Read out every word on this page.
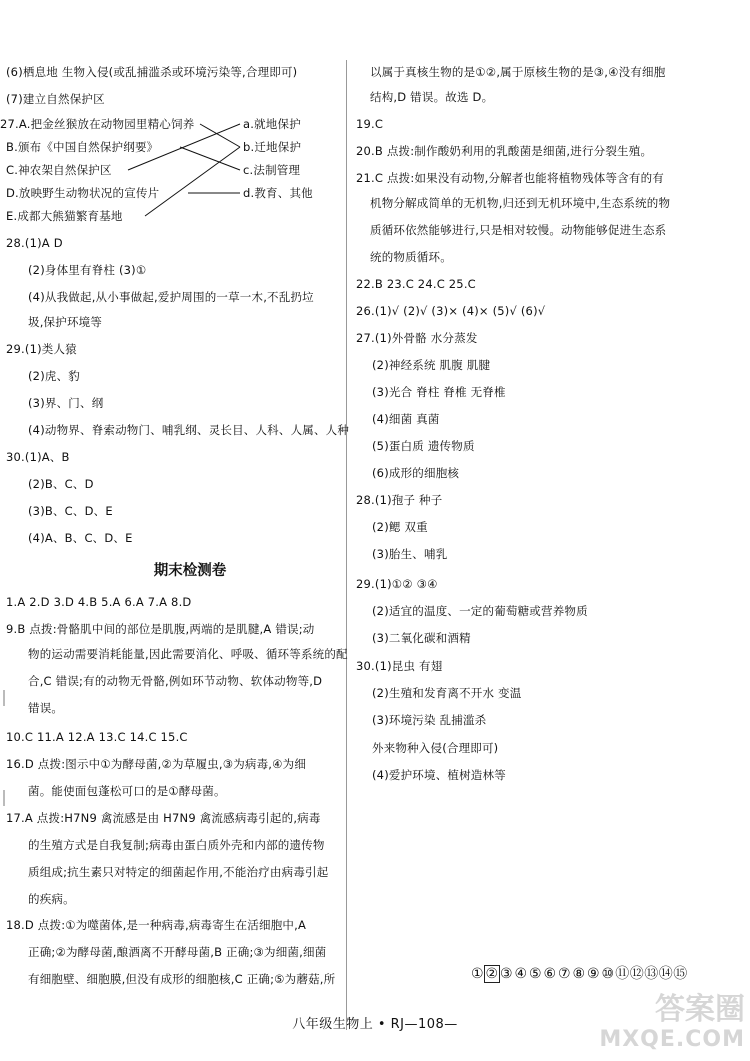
(6)栖息地 生物入侵(或乱捕滥杀或环境污染等,合理即可)
(7)建立自然保护区
27.A.把金丝猴放在动物园里精心饲养
B.颁布《中国自然保护纲要》
C.神农架自然保护区
D.放映野生动物状况的宣传片
E.成都大熊猫繁育基地
a.就地保护
b.迁地保护
c.法制管理
d.教育、其他
28.(1)A D
(2)身体里有脊柱 (3)①
(4)从我做起,从小事做起,爱护周围的一草一木,不乱扔垃
圾,保护环境等
29.(1)类人猿
(2)虎、豹
(3)界、门、纲
(4)动物界、脊索动物门、哺乳纲、灵长目、人科、人属、人种
30.(1)A、B
(2)B、C、D
(3)B、C、D、E
(4)A、B、C、D、E
期末检测卷
1.A 2.D 3.D 4.B 5.A 6.A 7.A 8.D
9.B 点拨:骨骼肌中间的部位是肌腹,两端的是肌腱,A 错误;动
物的运动需要消耗能量,因此需要消化、呼吸、循环等系统的配
合,C 错误;有的动物无骨骼,例如环节动物、软体动物等,D
错误。
10.C 11.A 12.A 13.C 14.C 15.C
16.D 点拨:图示中①为酵母菌,②为草履虫,③为病毒,④为细
菌。能使面包蓬松可口的是①酵母菌。
17.A 点拨:H7N9 禽流感是由 H7N9 禽流感病毒引起的,病毒
的生殖方式是自我复制;病毒由蛋白质外壳和内部的遗传物
质组成;抗生素只对特定的细菌起作用,不能治疗由病毒引起
的疾病。
18.D 点拨:①为噬菌体,是一种病毒,病毒寄生在活细胞中,A
正确;②为酵母菌,酿酒离不开酵母菌,B 正确;③为细菌,细菌
有细胞壁、细胞膜,但没有成形的细胞核,C 正确;⑤为蘑菇,所
以属于真核生物的是①②,属于原核生物的是③,④没有细胞
结构,D 错误。故选 D。
19.C
20.B 点拨:制作酸奶利用的乳酸菌是细菌,进行分裂生殖。
21.C 点拨:如果没有动物,分解者也能将植物残体等含有的有
机物分解成简单的无机物,归还到无机环境中,生态系统的物
质循环依然能够进行,只是相对较慢。动物能够促进生态系
统的物质循环。
22.B 23.C 24.C 25.C
26.(1)√ (2)√ (3)× (4)× (5)√ (6)√
27.(1)外骨骼 水分蒸发
(2)神经系统 肌腹 肌腱
(3)光合 脊柱 脊椎 无脊椎
(4)细菌 真菌
(5)蛋白质 遗传物质
(6)成形的细胞核
28.(1)孢子 种子
(2)鳃 双重
(3)胎生、哺乳
29.(1)①② ③④
(2)适宜的温度、一定的葡萄糖或营养物质
(3)二氧化碳和酒精
30.(1)昆虫 有翅
(2)生殖和发育离不开水 变温
(3)环境污染 乱捕滥杀
外来物种入侵(合理即可)
(4)爱护环境、植树造林等
① ② ③ ④ ⑤ ⑥ ⑦ ⑧ ⑨ ⑩ ⑪ ⑫ ⑬ ⑭ ⑮
八年级生物上 • RJ—108—	答案圈
MXQE.COM
